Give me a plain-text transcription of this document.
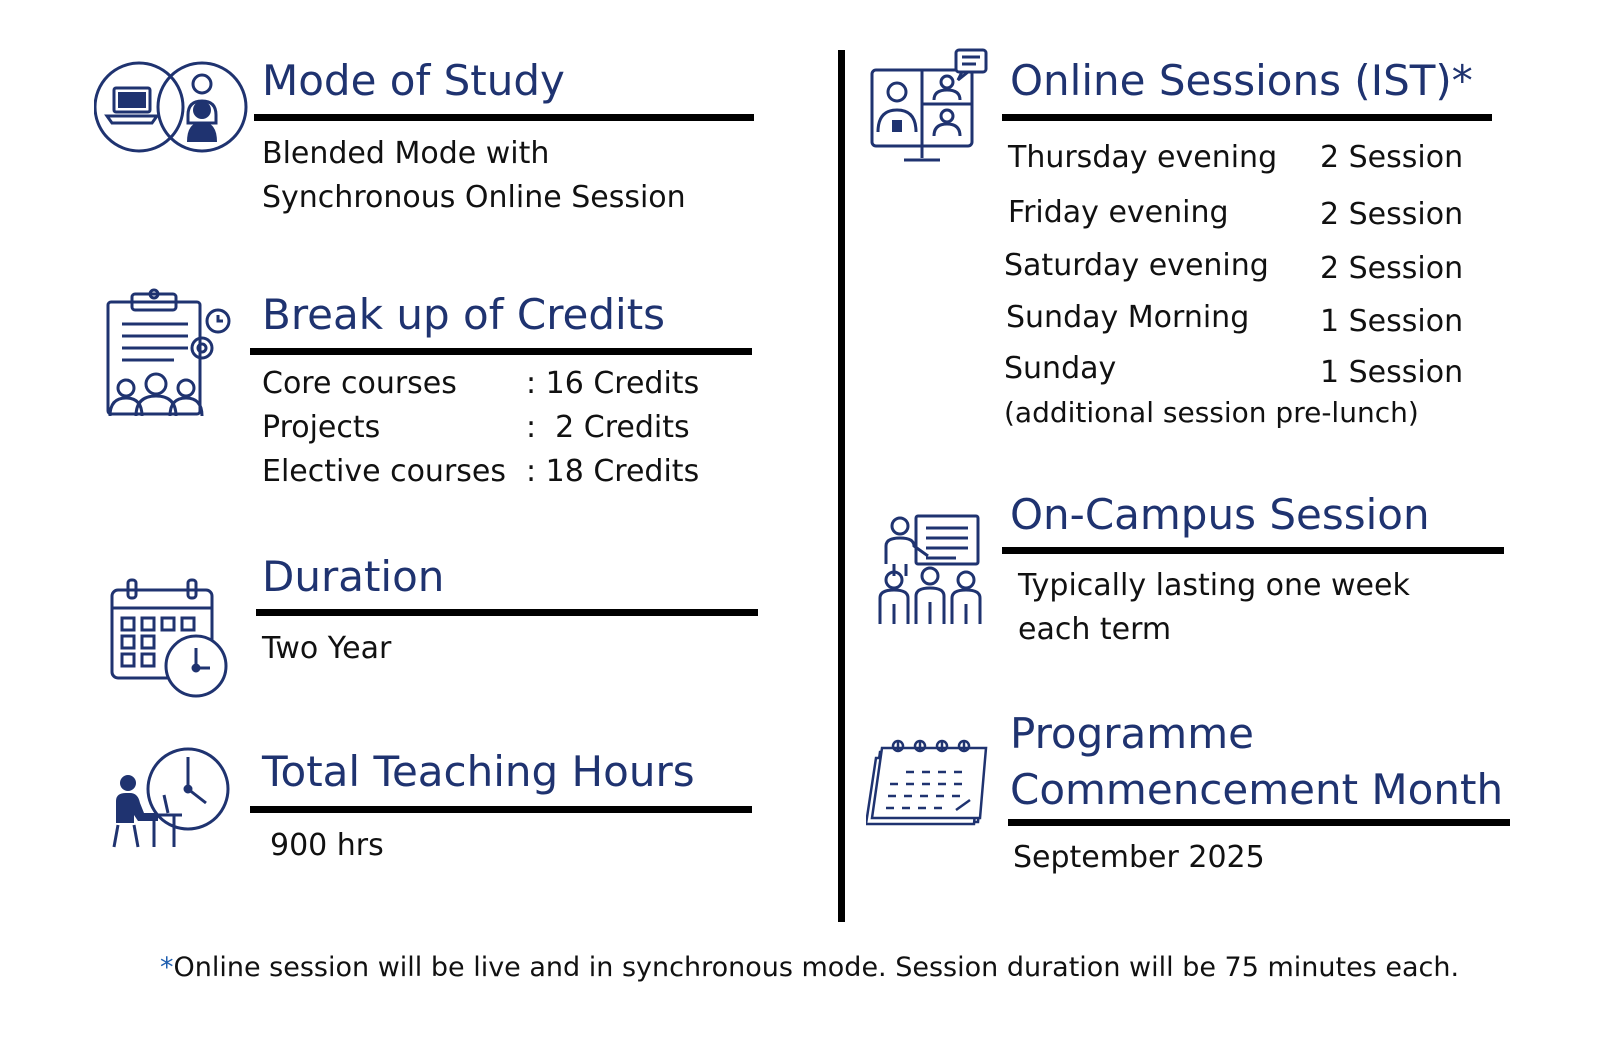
Mode of Study
Blended Mode with
Synchronous Online Session
Break up of Credits
Core courses : 16 Credits
Projects	:  2 Credits
Elective courses : 18 Credits
Duration
Two Year
Total Teaching Hours
900 hrs
Online Sessions (IST)*
Thursday evening 2 Session
Friday evening	2 Session
Saturday evening 2 Session
Sunday Morning 1 Session
Sunday	1 Session
(additional session pre-lunch)
On-Campus Session
Typically lasting one week
each term
Programme
Commencement Month
September 2025
*Online session will be live and in synchronous mode. Session duration will be 75 minutes each.
